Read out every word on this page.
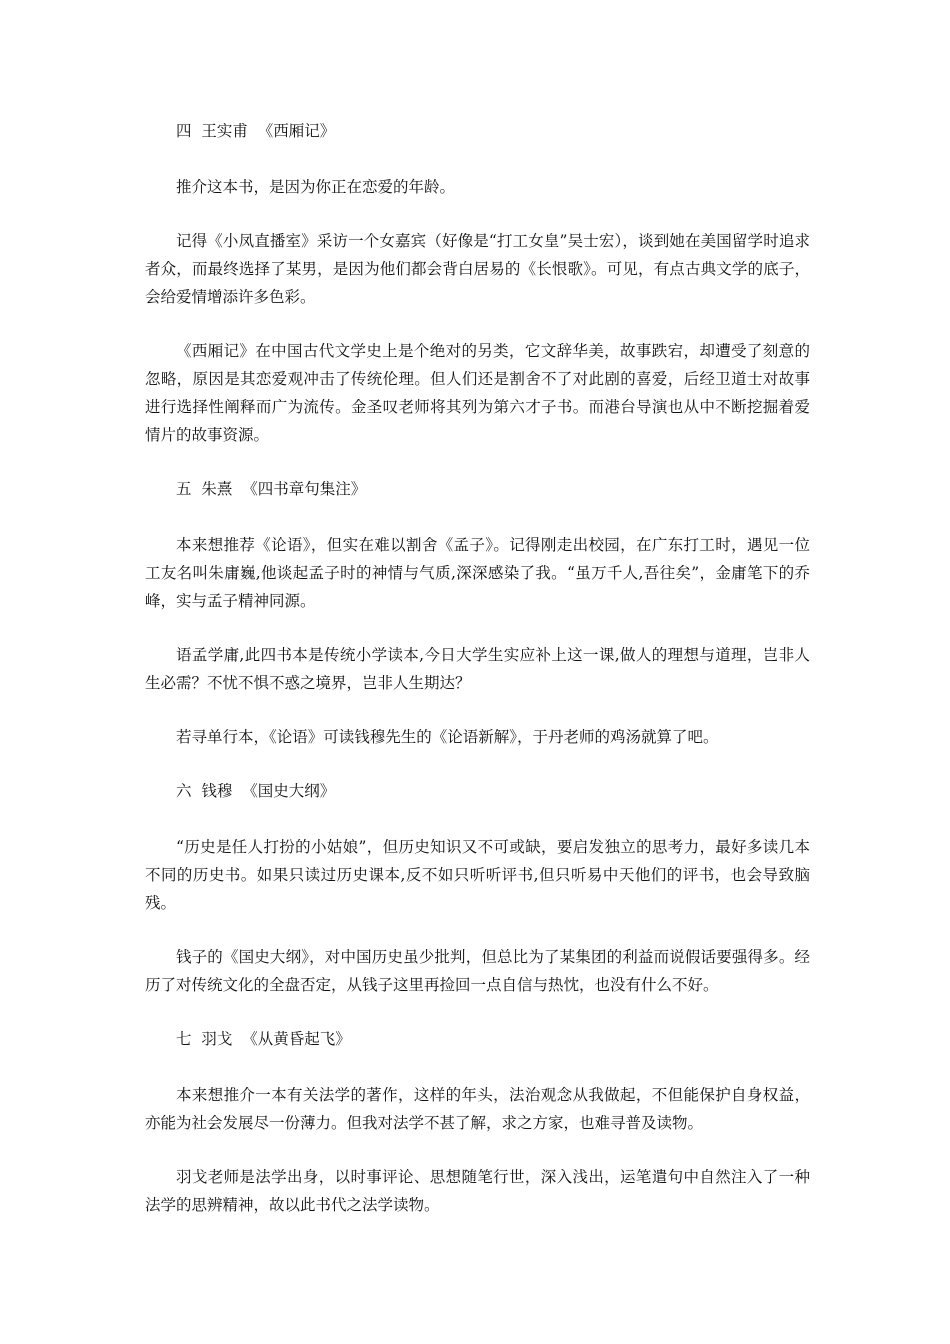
四  王实甫  《西厢记》

推介这本书，是因为你正在恋爱的年龄。

记得《小凤直播室》采访一个女嘉宾（好像是“打工女皇”吴士宏），谈到她在美国留学时追求者众，而最终选择了某男，是因为他们都会背白居易的《长恨歌》。可见，有点古典文学的底子，会给爱情增添许多色彩。

《西厢记》在中国古代文学史上是个绝对的另类，它文辞华美，故事跌宕，却遭受了刻意的忽略，原因是其恋爱观冲击了传统伦理。但人们还是割舍不了对此剧的喜爱，后经卫道士对故事进行选择性阐释而广为流传。金圣叹老师将其列为第六才子书。而港台导演也从中不断挖掘着爱情片的故事资源。

五  朱熹  《四书章句集注》

本来想推荐《论语》，但实在难以割舍《孟子》。记得刚走出校园，在广东打工时，遇见一位工友名叫朱庸巍,他谈起孟子时的神情与气质,深深感染了我。“虽万千人,吾往矣”，金庸笔下的乔峰，实与孟子精神同源。

语孟学庸,此四书本是传统小学读本,今日大学生实应补上这一课,做人的理想与道理，岂非人生必需？不忧不惧不惑之境界，岂非人生期达？

若寻单行本，《论语》可读钱穆先生的《论语新解》，于丹老师的鸡汤就算了吧。

六  钱穆  《国史大纲》

“历史是任人打扮的小姑娘”，但历史知识又不可或缺，要启发独立的思考力，最好多读几本不同的历史书。如果只读过历史课本,反不如只听听评书,但只听易中天他们的评书，也会导致脑残。

钱子的《国史大纲》，对中国历史虽少批判，但总比为了某集团的利益而说假话要强得多。经历了对传统文化的全盘否定，从钱子这里再捡回一点自信与热忱，也没有什么不好。

七  羽戈  《从黄昏起飞》

本来想推介一本有关法学的著作，这样的年头，法治观念从我做起，不但能保护自身权益，亦能为社会发展尽一份薄力。但我对法学不甚了解，求之方家，也难寻普及读物。

羽戈老师是法学出身，以时事评论、思想随笔行世，深入浅出，运笔遣句中自然注入了一种法学的思辨精神，故以此书代之法学读物。
